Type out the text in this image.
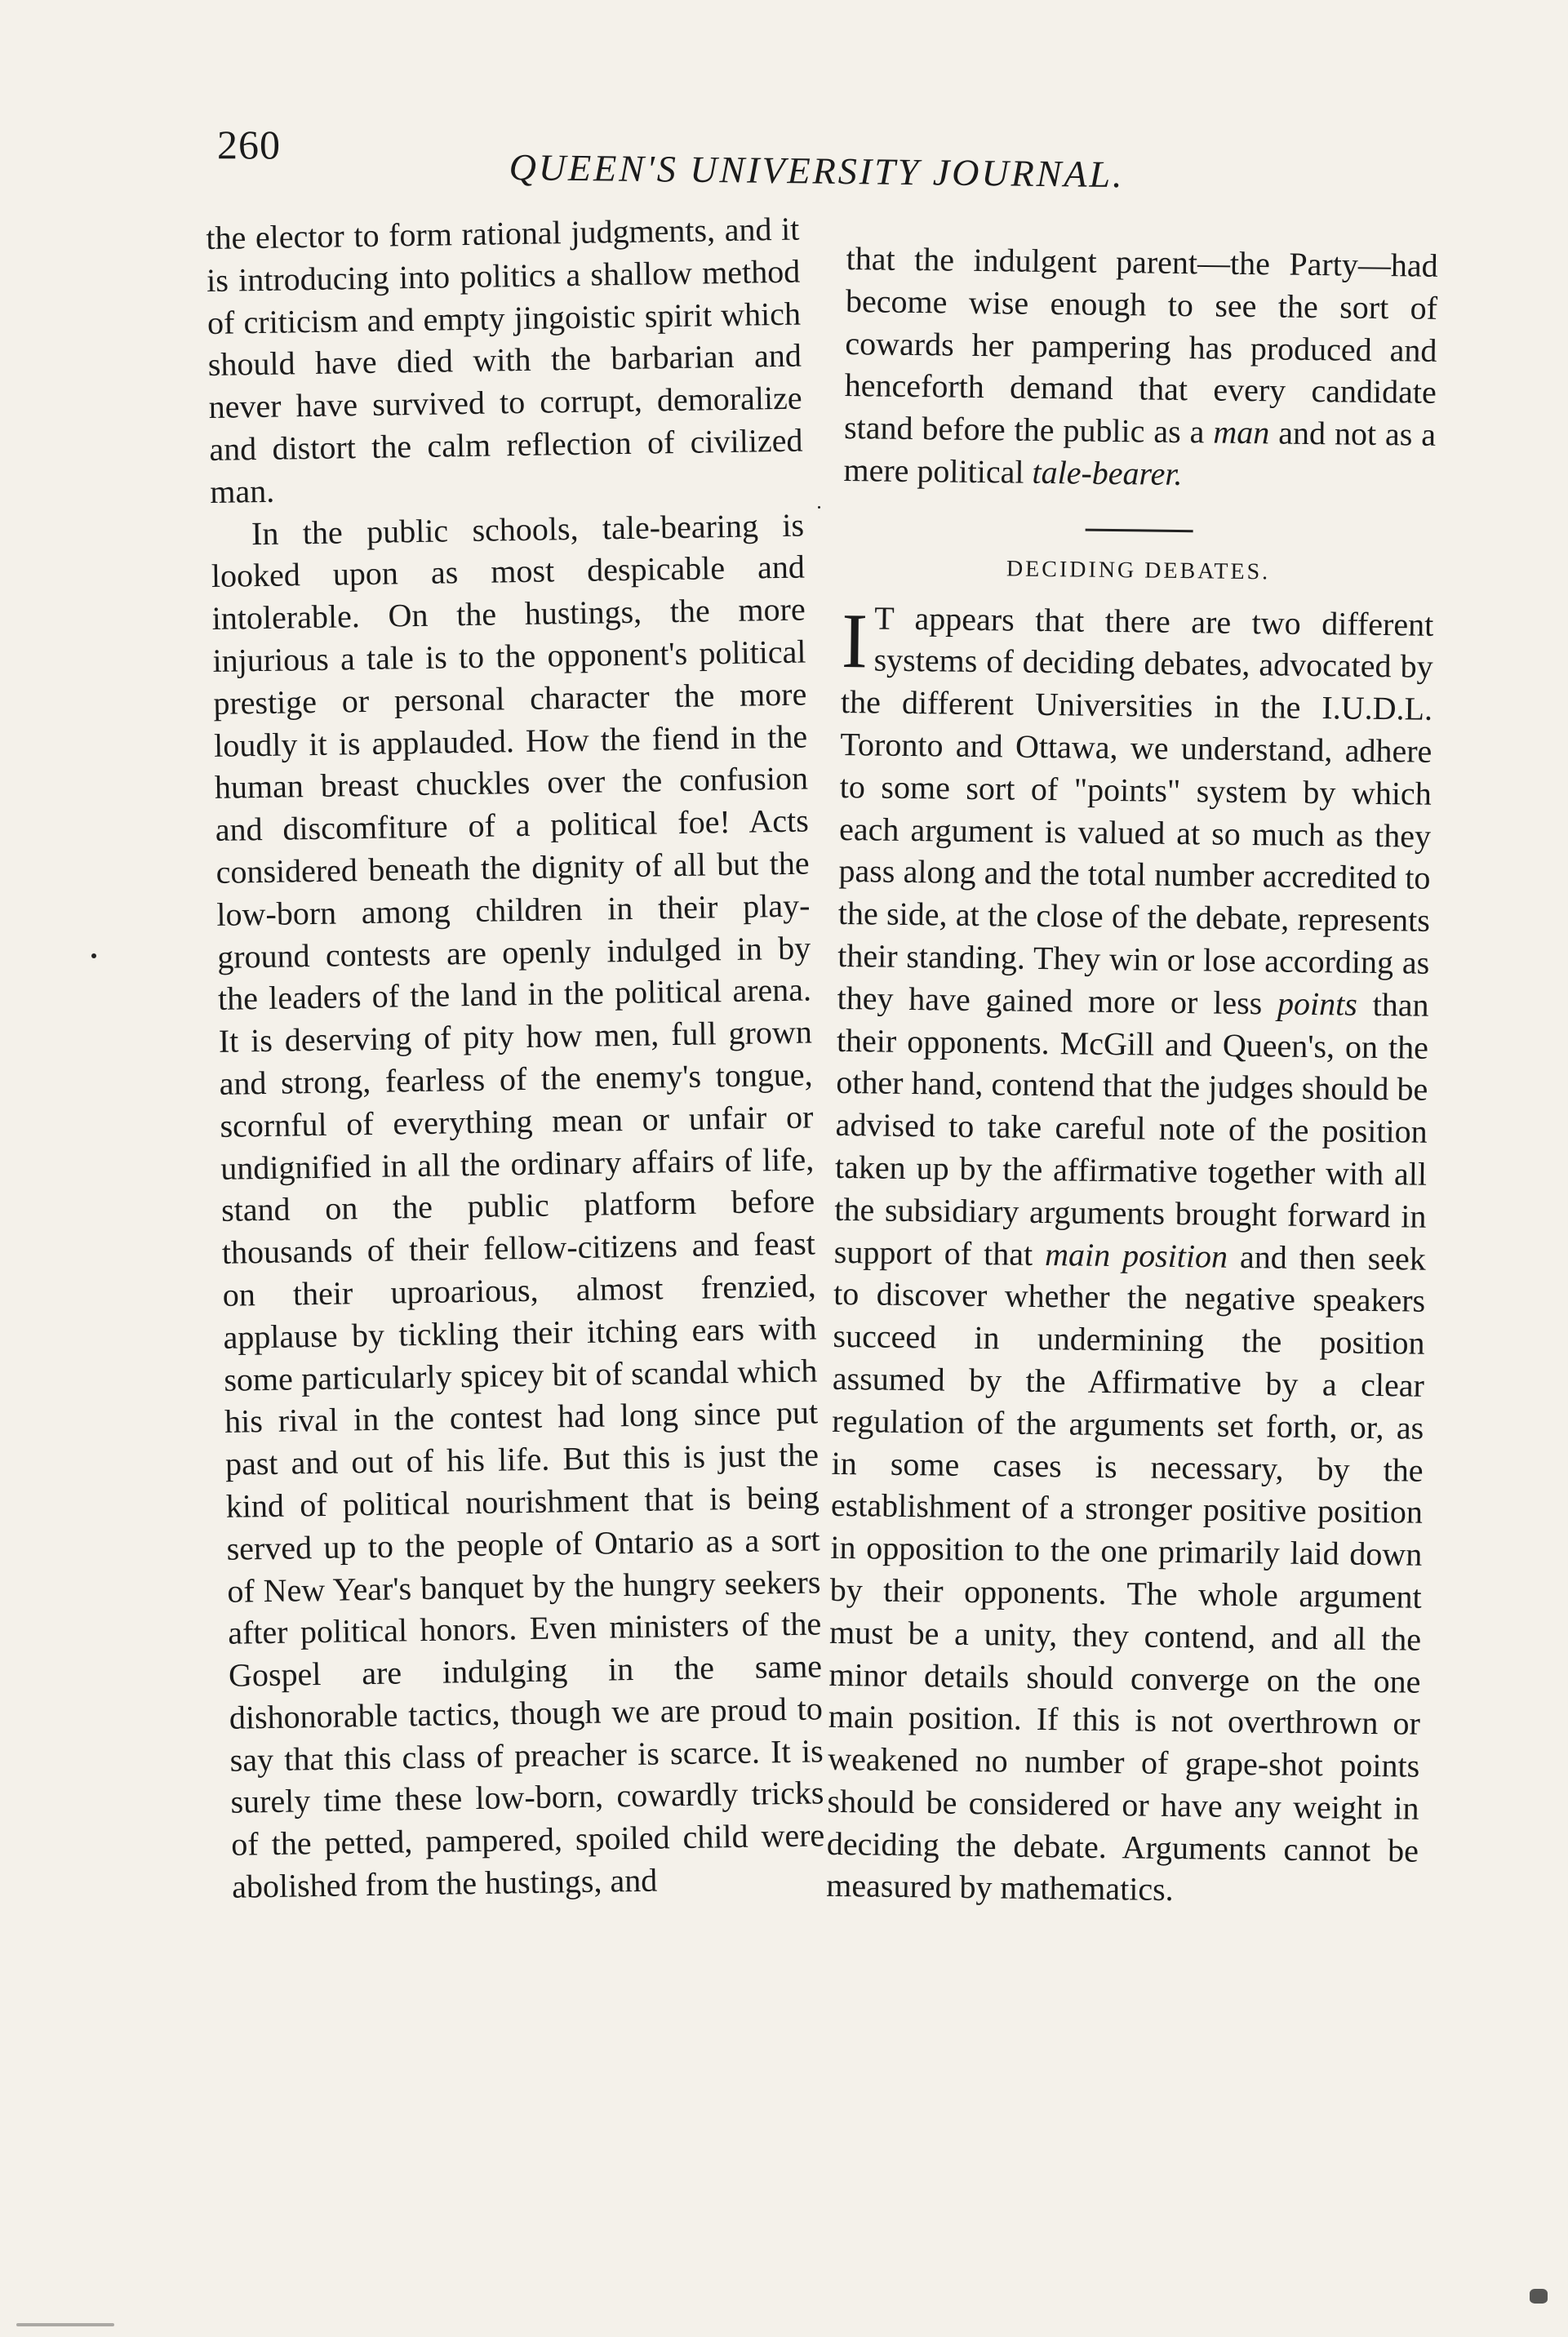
260
QUEEN'S UNIVERSITY JOURNAL.

the elector to form rational judgments, and it is introducing into politics a shallow method of criticism and empty jingoistic spirit which should have died with the barbarian and never have survived to corrupt, demoralize and distort the calm reflection of civilized man.

In the public schools, tale-bearing is looked upon as most despicable and intolerable. On the hustings, the more injurious a tale is to the opponent's political prestige or personal character the more loudly it is applauded. How the fiend in the human breast chuckles over the confusion and discomfiture of a political foe! Acts considered beneath the dignity of all but the low-born among children in their play-ground contests are openly indulged in by the leaders of the land in the political arena. It is deserving of pity how men, full grown and strong, fearless of the enemy's tongue, scornful of everything mean or unfair or undignified in all the ordinary affairs of life, stand on the public platform before thousands of their fellow-citizens and feast on their uproarious, almost frenzied, applause by tickling their itching ears with some particularly spicey bit of scandal which his rival in the contest had long since put past and out of his life. But this is just the kind of political nourishment that is being served up to the people of Ontario as a sort of New Year's banquet by the hungry seekers after political honors. Even ministers of the Gospel are indulging in the same dishonorable tactics, though we are proud to say that this class of preacher is scarce. It is surely time these low-born, cowardly tricks of the petted, pampered, spoiled child were abolished from the hustings, and

that the indulgent parent—the Party—had become wise enough to see the sort of cowards her pampering has produced and henceforth demand that every candidate stand before the public as a man and not as a mere political tale-bearer.

DECIDING DEBATES.

I T appears that there are two different systems of deciding debates, advocated by the different Universities in the I.U.D.L. Toronto and Ottawa, we understand, adhere to some sort of "points" system by which each argument is valued at so much as they pass along and the total number accredited to the side, at the close of the debate, represents their standing. They win or lose according as they have gained more or less points than their opponents. McGill and Queen's, on the other hand, contend that the judges should be advised to take careful note of the position taken up by the affirmative together with all the subsidiary arguments brought forward in support of that main position and then seek to discover whether the negative speakers succeed in undermining the position assumed by the Affirmative by a clear regulation of the arguments set forth, or, as in some cases is necessary, by the establishment of a stronger positive position in opposition to the one primarily laid down by their opponents. The whole argument must be a unity, they contend, and all the minor details should converge on the one main position. If this is not overthrown or weakened no number of grape-shot points should be considered or have any weight in deciding the debate. Arguments cannot be measured by mathematics.
